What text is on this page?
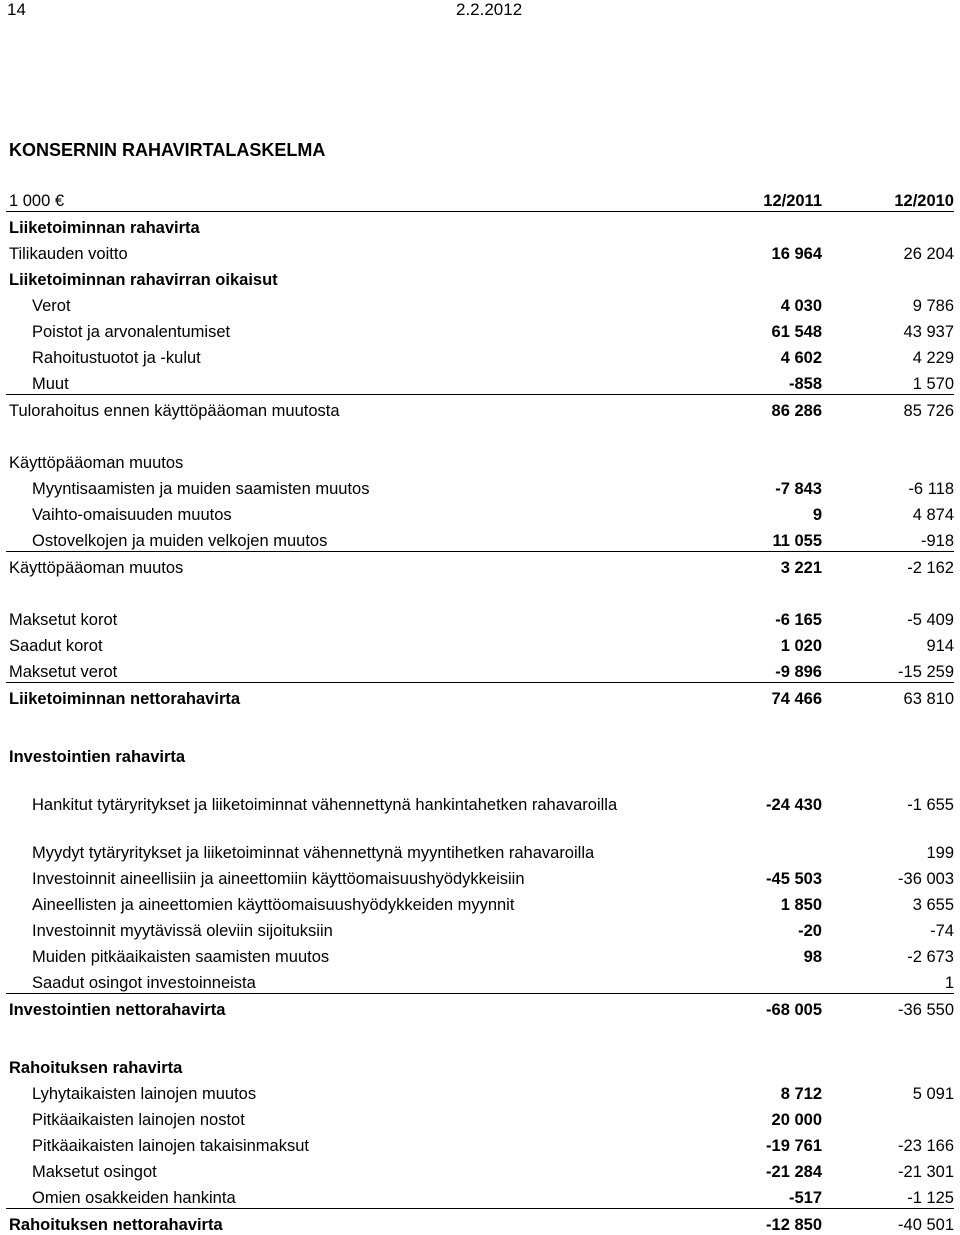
14	2.2.2012
KONSERNIN RAHAVIRTALASKELMA
1 000 €	12/2011	12/2010
Liiketoiminnan rahavirta		
Tilikauden voitto	16 964	26 204
Liiketoiminnan rahavirran oikaisut		
Verot	4 030	9 786
Poistot ja arvonalentumiset	61 548	43 937
Rahoitustuotot ja -kulut	4 602	4 229
Muut	-858	1 570
Tulorahoitus ennen käyttöpääoman muutosta	86 286	85 726

Käyttöpääoman muutos		
Myyntisaamisten ja muiden saamisten muutos	-7 843	-6 118
Vaihto-omaisuuden muutos	9	4 874
Ostovelkojen ja muiden velkojen muutos	11 055	-918
Käyttöpääoman muutos	3 221	-2 162

Maksetut korot	-6 165	-5 409
Saadut korot	1 020	914
Maksetut verot	-9 896	-15 259
Liiketoiminnan nettorahavirta	74 466	63 810

Investointien rahavirta		
Hankitut tytäryritykset ja liiketoiminnat vähennettynä hankintahetken rahavaroilla	-24 430	-1 655
Myydyt tytäryritykset ja liiketoiminnat vähennettynä myyntihetken rahavaroilla		199
Investoinnit aineellisiin ja aineettomiin käyttöomaisuushyödykkeisiin	-45 503	-36 003
Aineellisten ja aineettomien käyttöomaisuushyödykkeiden myynnit	1 850	3 655
Investoinnit myytävissä oleviin sijoituksiin	-20	-74
Muiden pitkäaikaisten saamisten muutos	98	-2 673
Saadut osingot investoinneista		1
Investointien nettorahavirta	-68 005	-36 550

Rahoituksen rahavirta		
Lyhytaikaisten lainojen muutos	8 712	5 091
Pitkäaikaisten lainojen nostot	20 000	
Pitkäaikaisten lainojen takaisinmaksut	-19 761	-23 166
Maksetut osingot	-21 284	-21 301
Omien osakkeiden hankinta	-517	-1 125
Rahoituksen nettorahavirta	-12 850	-40 501
